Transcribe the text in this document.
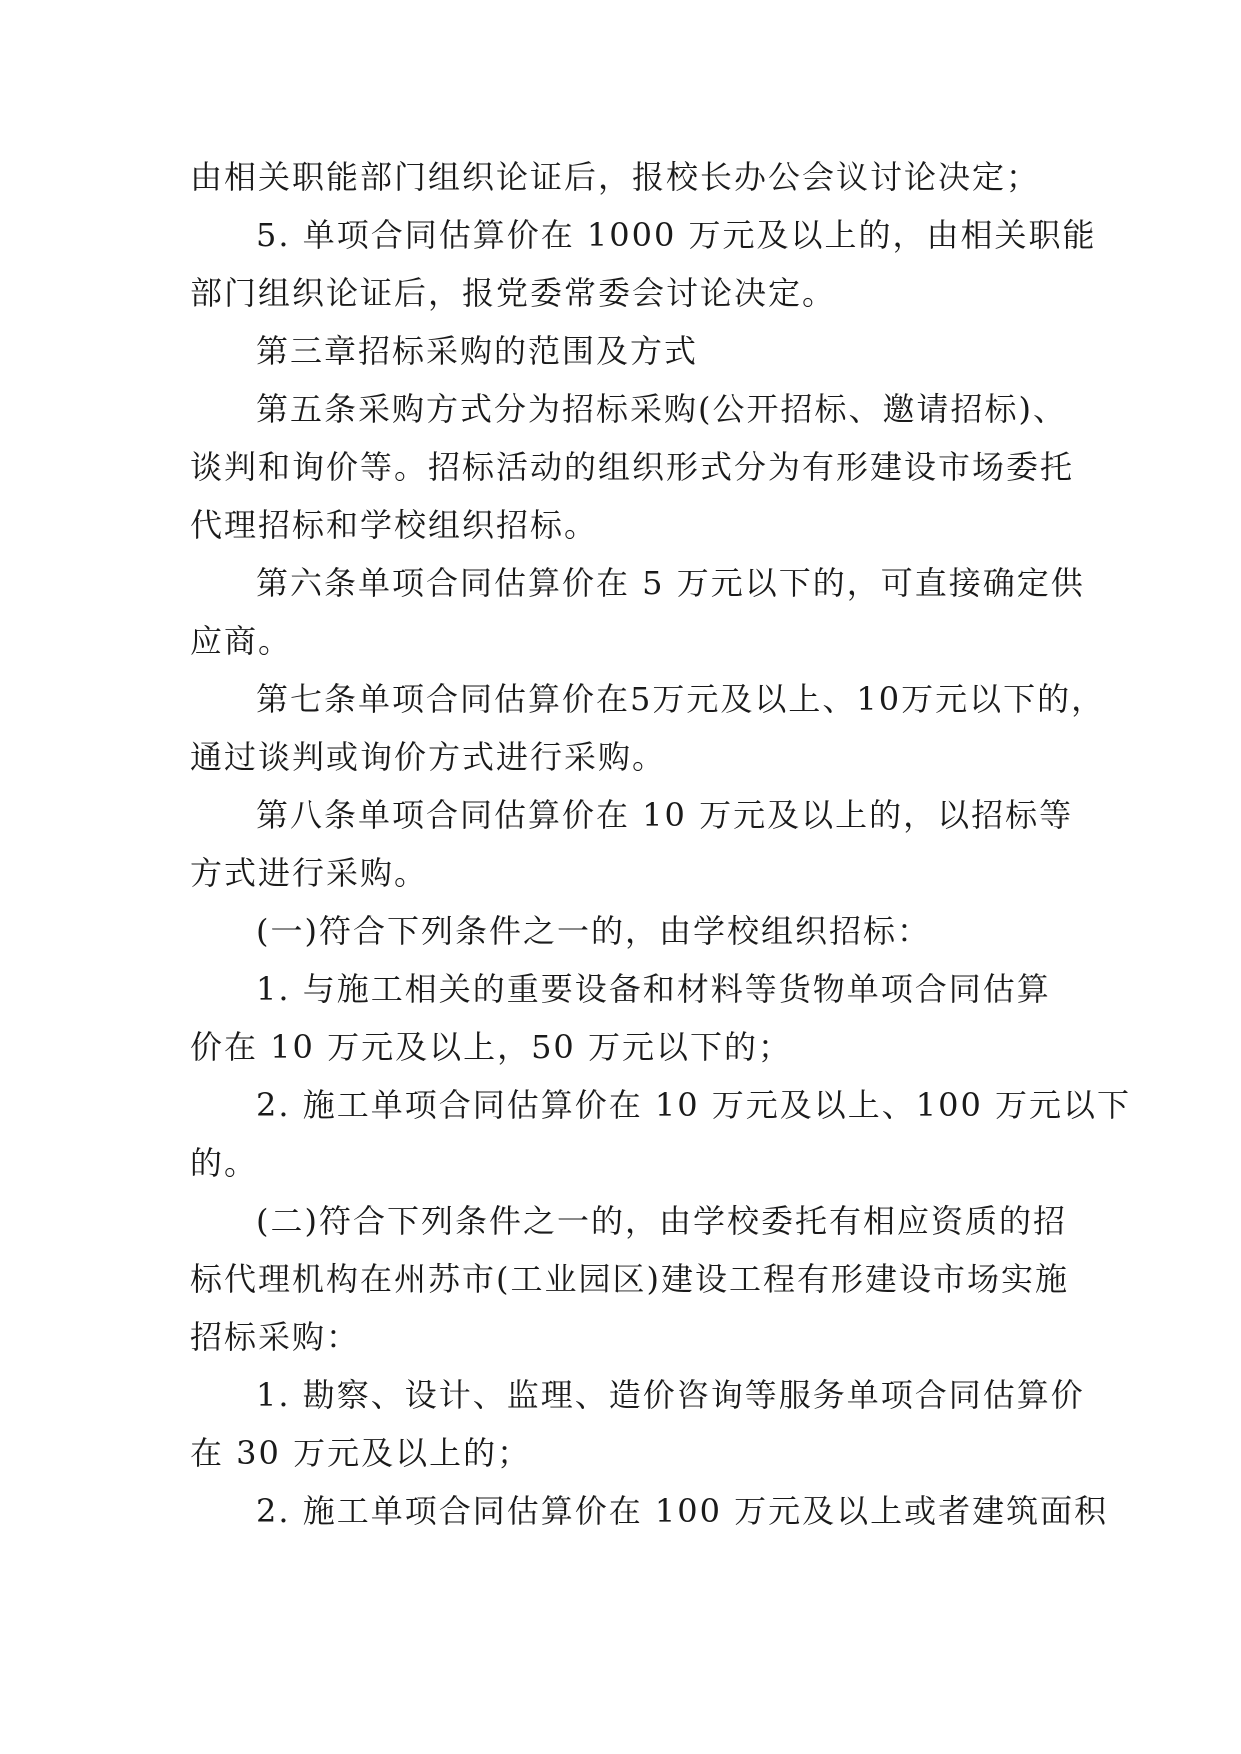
由相关职能部门组织论证后，报校长办公会议讨论决定；
5. 单项合同估算价在 1000 万元及以上的，由相关职能
部门组织论证后，报党委常委会讨论决定。
第三章招标采购的范围及方式
第五条采购方式分为招标采购(公开招标、邀请招标)、
谈判和询价等。招标活动的组织形式分为有形建设市场委托
代理招标和学校组织招标。
第六条单项合同估算价在 5 万元以下的，可直接确定供
应商。
第七条单项合同估算价在5万元及以上、10万元以下的，
通过谈判或询价方式进行采购。
第八条单项合同估算价在 10 万元及以上的，以招标等
方式进行采购。
(一)符合下列条件之一的，由学校组织招标：
1. 与施工相关的重要设备和材料等货物单项合同估算
价在 10 万元及以上，50 万元以下的；
2. 施工单项合同估算价在 10 万元及以上、100 万元以下
的。
(二)符合下列条件之一的，由学校委托有相应资质的招
标代理机构在州苏市(工业园区)建设工程有形建设市场实施
招标采购：
1. 勘察、设计、监理、造价咨询等服务单项合同估算价
在 30 万元及以上的；
2. 施工单项合同估算价在 100 万元及以上或者建筑面积
